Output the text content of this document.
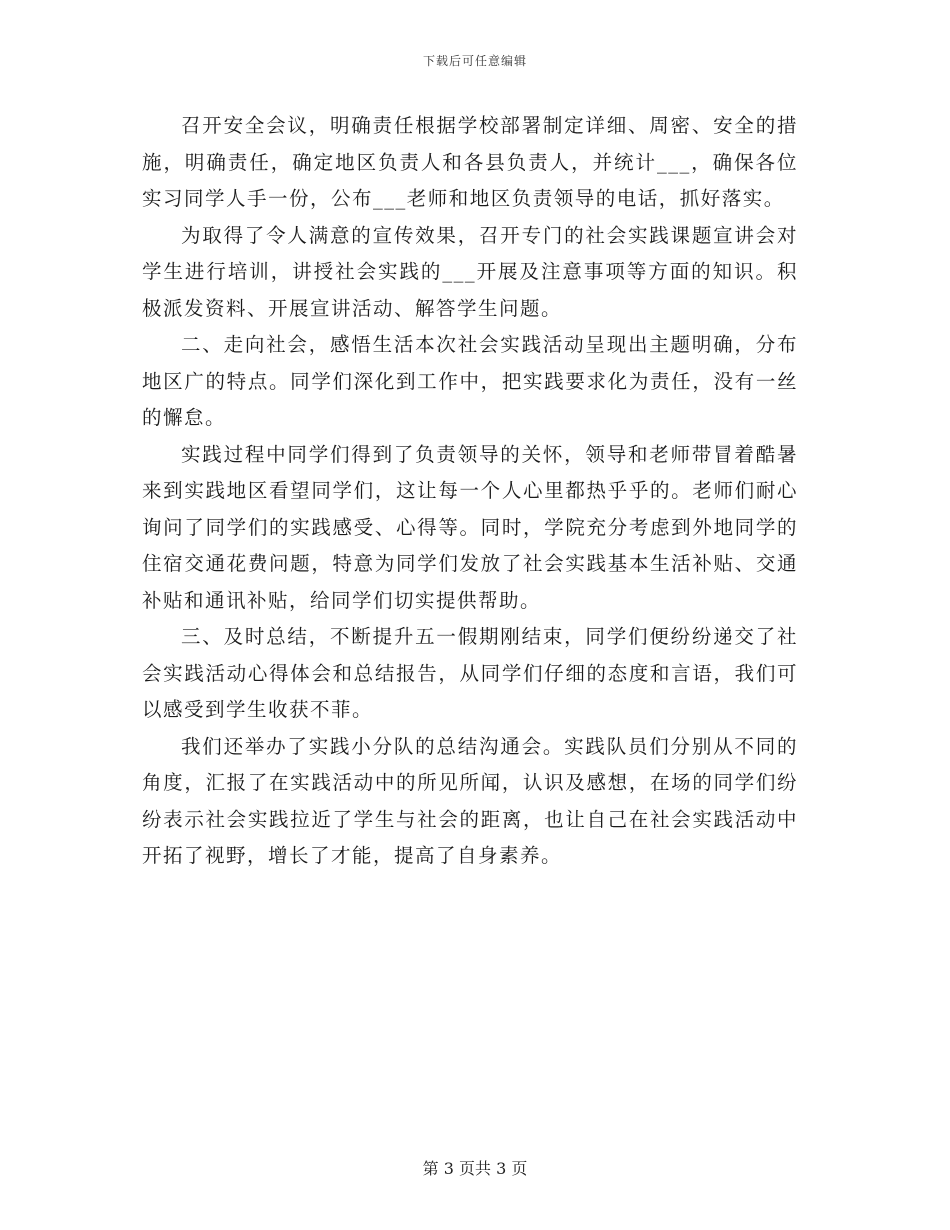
下载后可任意编辑

召开安全会议，明确责任根据学校部署制定详细、周密、安全的措施，明确责任，确定地区负责人和各县负责人，并统计___，确保各位实习同学人手一份，公布___老师和地区负责领导的电话，抓好落实。

为取得了令人满意的宣传效果，召开专门的社会实践课题宣讲会对学生进行培训，讲授社会实践的___开展及注意事项等方面的知识。积极派发资料、开展宣讲活动、解答学生问题。

二、走向社会，感悟生活本次社会实践活动呈现出主题明确，分布地区广的特点。同学们深化到工作中，把实践要求化为责任，没有一丝的懈怠。

实践过程中同学们得到了负责领导的关怀，领导和老师带冒着酷暑来到实践地区看望同学们，这让每一个人心里都热乎乎的。老师们耐心询问了同学们的实践感受、心得等。同时，学院充分考虑到外地同学的住宿交通花费问题，特意为同学们发放了社会实践基本生活补贴、交通补贴和通讯补贴，给同学们切实提供帮助。

三、及时总结，不断提升五一假期刚结束，同学们便纷纷递交了社会实践活动心得体会和总结报告，从同学们仔细的态度和言语，我们可以感受到学生收获不菲。

我们还举办了实践小分队的总结沟通会。实践队员们分别从不同的角度，汇报了在实践活动中的所见所闻，认识及感想，在场的同学们纷纷表示社会实践拉近了学生与社会的距离，也让自己在社会实践活动中开拓了视野，增长了才能，提高了自身素养。

第 3 页共 3 页
